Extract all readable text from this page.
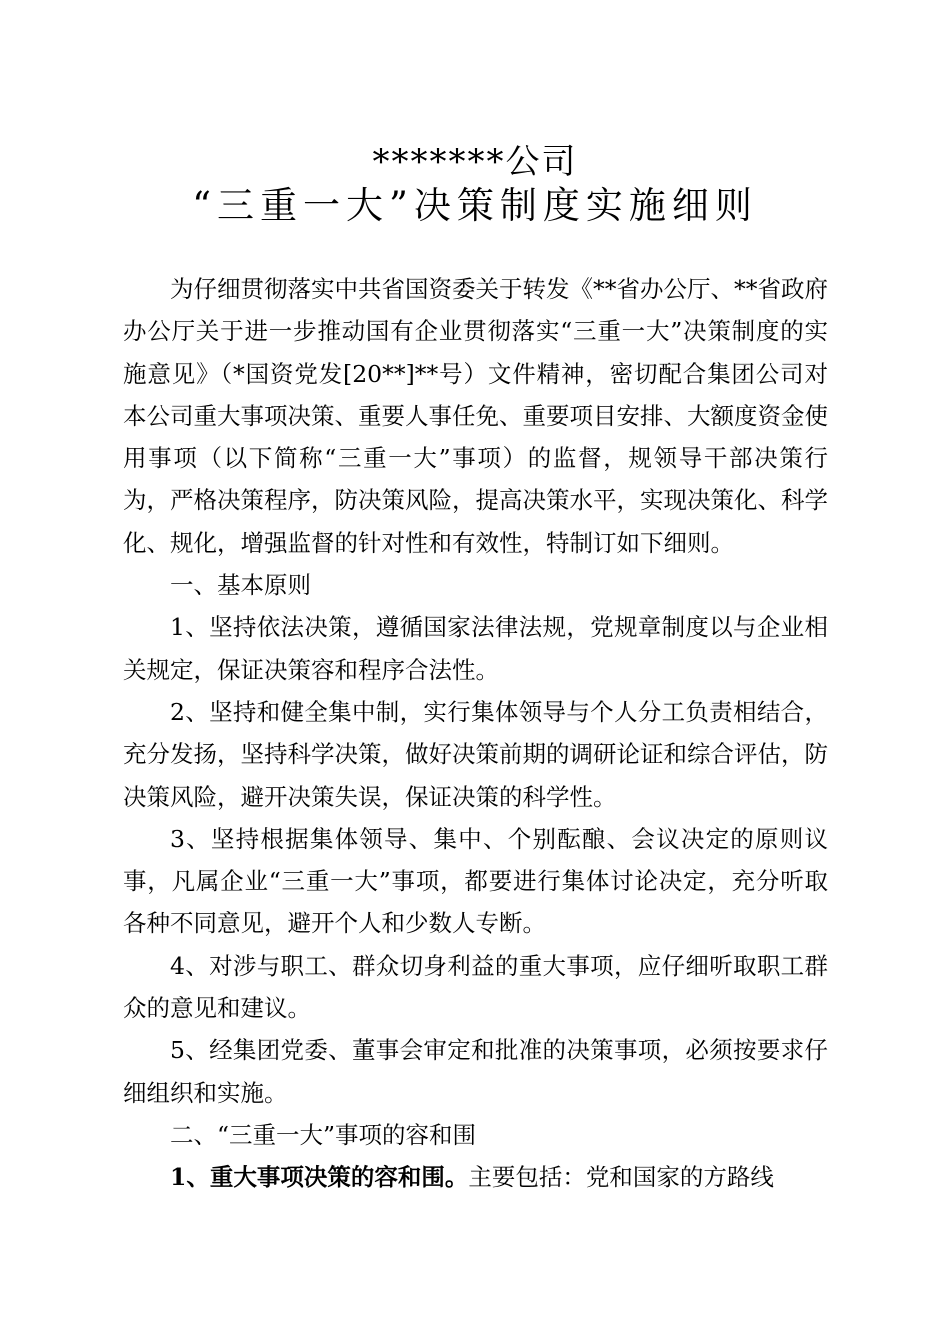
*******公司
“三重一大”决策制度实施细则

为仔细贯彻落实中共省国资委关于转发《**省办公厅、**省政府办公厅关于进一步推动国有企业贯彻落实“三重一大”决策制度的实施意见》（*国资党发[20**]**号）文件精神，密切配合集团公司对本公司重大事项决策、重要人事任免、重要项目安排、大额度资金使用事项（以下简称“三重一大”事项）的监督，规领导干部决策行为，严格决策程序，防决策风险，提高决策水平，实现决策化、科学化、规化，增强监督的针对性和有效性，特制订如下细则。

一、基本原则

1、坚持依法决策，遵循国家法律法规，党规章制度以与企业相关规定，保证决策容和程序合法性。

2、坚持和健全集中制，实行集体领导与个人分工负责相结合，充分发扬，坚持科学决策，做好决策前期的调研论证和综合评估，防决策风险，避开决策失误，保证决策的科学性。

3、坚持根据集体领导、集中、个别酝酿、会议决定的原则议事，凡属企业“三重一大”事项，都要进行集体讨论决定，充分听取各种不同意见，避开个人和少数人专断。

4、对涉与职工、群众切身利益的重大事项，应仔细听取职工群众的意见和建议。

5、经集团党委、董事会审定和批准的决策事项，必须按要求仔细组织和实施。

二、“三重一大”事项的容和围

1、重大事项决策的容和围。主要包括：党和国家的方路线
